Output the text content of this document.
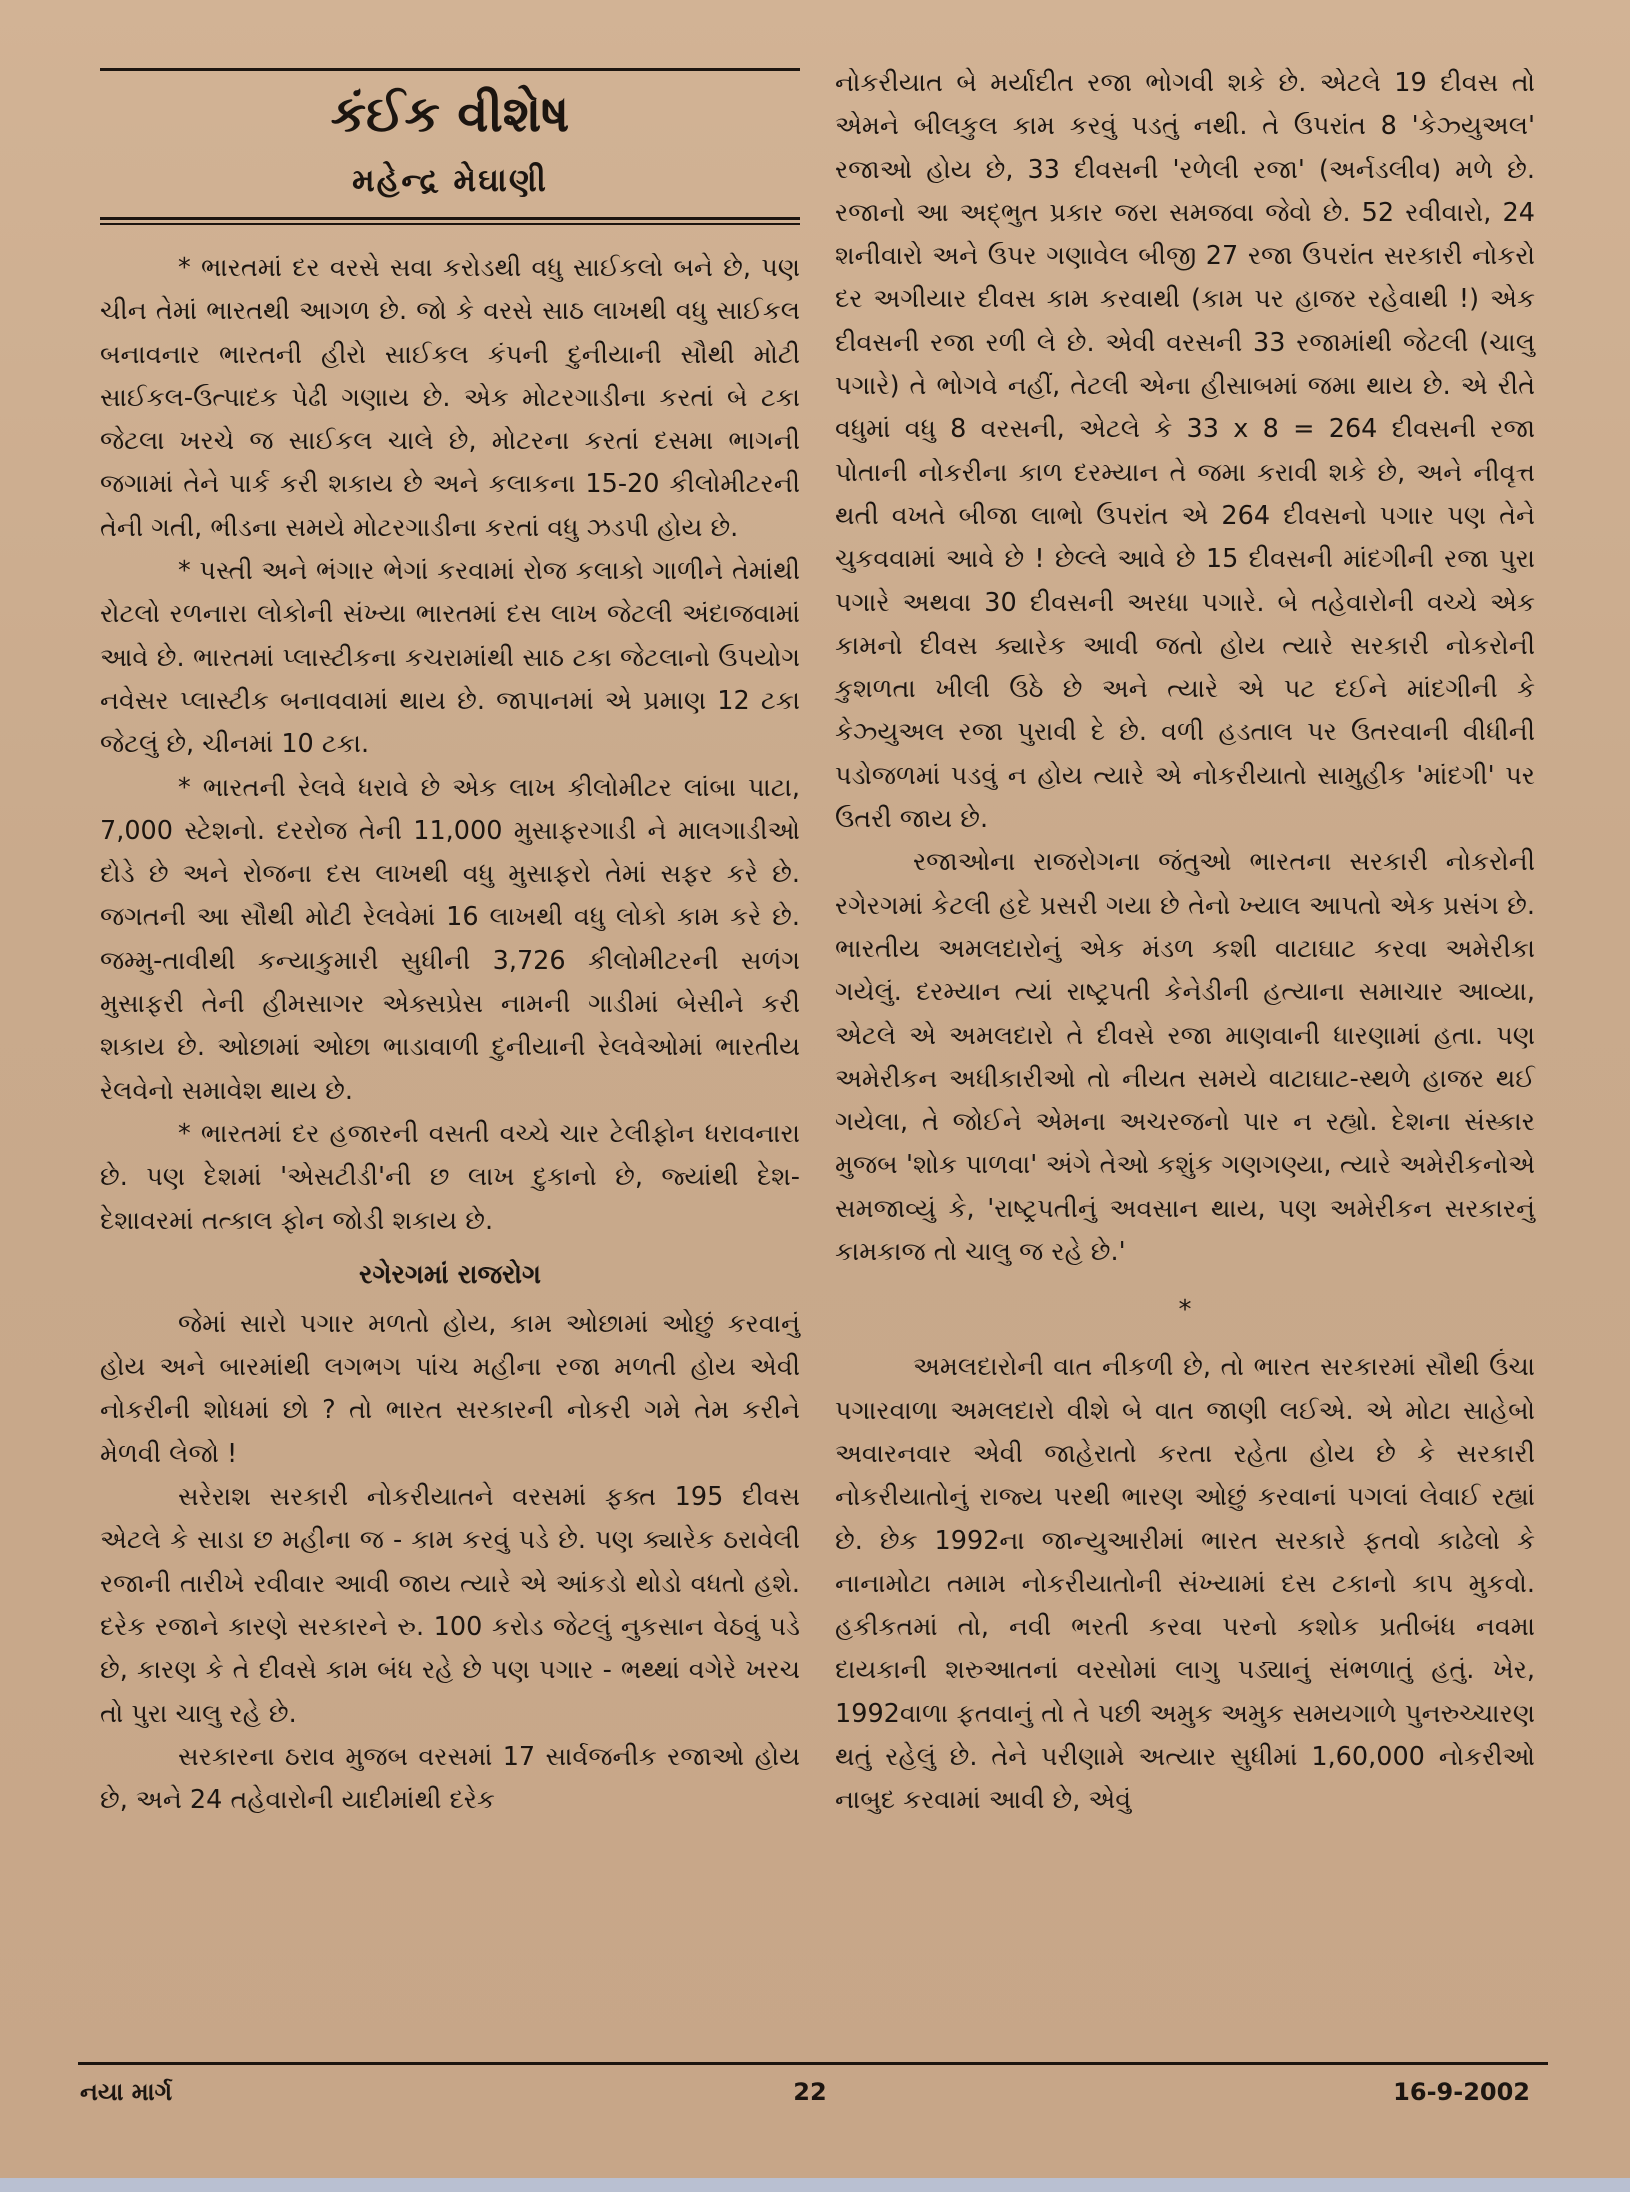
કંઈક વીશેષ
મહેન્દ્ર મેઘાણી

* ભારતમાં દર વરસે સવા કરોડથી વધુ સાઈકલો બને છે, પણ ચીન તેમાં ભારતથી આગળ છે. જો કે વરસે સાઠ લાખથી વધુ સાઈકલ બનાવનાર ભારતની હીરો સાઈકલ કંપની દુનીયાની સૌથી મોટી સાઈકલ-ઉત્પાદક પેઢી ગણાય છે. એક મોટરગાડીના કરતાં બે ટકા જેટલા ખરચે જ સાઈકલ ચાલે છે, મોટરના કરતાં દસમા ભાગની જગામાં તેને પાર્ક કરી શકાય છે અને કલાકના 15-20 કીલોમીટરની તેની ગતી, ભીડના સમયે મોટરગાડીના કરતાં વધુ ઝડપી હોય છે.

* પસ્તી અને ભંગાર ભેગાં કરવામાં રોજ કલાકો ગાળીને તેમાંથી રોટલો રળનારા લોકોની સંખ્યા ભારતમાં દસ લાખ જેટલી અંદાજવામાં આવે છે. ભારતમાં પ્લાસ્ટીકના કચરામાંથી સાઠ ટકા જેટલાનો ઉપયોગ નવેસર પ્લાસ્ટીક બનાવવામાં થાય છે. જાપાનમાં એ પ્રમાણ 12 ટકા જેટલું છે, ચીનમાં 10 ટકા.

* ભારતની રેલવે ધરાવે છે એક લાખ કીલોમીટર લાંબા પાટા, 7,000 સ્ટેશનો. દરરોજ તેની 11,000 મુસાફરગાડી ને માલગાડીઓ દોડે છે અને રોજના દસ લાખથી વધુ મુસાફરો તેમાં સફર કરે છે. જગતની આ સૌથી મોટી રેલવેમાં 16 લાખથી વધુ લોકો કામ કરે છે. જમ્મુ-તાવીથી કન્યાકુમારી સુધીની 3,726 કીલોમીટરની સળંગ મુસાફરી તેની હીમસાગર એક્સપ્રેસ નામની ગાડીમાં બેસીને કરી શકાય છે. ઓછામાં ઓછા ભાડાવાળી દુનીયાની રેલવેઓમાં ભારતીય રેલવેનો સમાવેશ થાય છે.

* ભારતમાં દર હજારની વસતી વચ્ચે ચાર ટેલીફોન ધરાવનારા છે. પણ દેશમાં 'એસટીડી'ની છ લાખ દુકાનો છે, જ્યાંથી દેશ-દેશાવરમાં તત્કાલ ફોન જોડી શકાય છે.

રગેરગમાં રાજરોગ

જેમાં સારો પગાર મળતો હોય, કામ ઓછામાં ઓછું કરવાનું હોય અને બારમાંથી લગભગ પાંચ મહીના રજા મળતી હોય એવી નોકરીની શોધમાં છો ? તો ભારત સરકારની નોકરી ગમે તેમ કરીને મેળવી લેજો !

સરેરાશ સરકારી નોકરીયાતને વરસમાં ફક્ત 195 દીવસ એટલે કે સાડા છ મહીના જ - કામ કરવું પડે છે. પણ ક્યારેક ઠરાવેલી રજાની તારીખે રવીવાર આવી જાય ત્યારે એ આંકડો થોડો વધતો હશે. દરેક રજાને કારણે સરકારને રુ. 100 કરોડ જેટલું નુકસાન વેઠવું પડે છે, કારણ કે તે દીવસે કામ બંધ રહે છે પણ પગાર - ભથ્થાં વગેરે ખરચ તો પુરા ચાલુ રહે છે.

સરકારના ઠરાવ મુજબ વરસમાં 17 સાર્વજનીક રજાઓ હોય છે, અને 24 તહેવારોની યાદીમાંથી દરેક

નોકરીયાત બે મર્યાદીત રજા ભોગવી શકે છે. એટલે 19 દીવસ તો એમને બીલકુલ કામ કરવું પડતું નથી. તે ઉપરાંત 8 'કેઝ્યુઅલ' રજાઓ હોય છે, 33 દીવસની 'રળેલી રજા' (અર્નડલીવ) મળે છે. રજાનો આ અદ્ભુત પ્રકાર જરા સમજવા જેવો છે. 52 રવીવારો, 24 શનીવારો અને ઉપર ગણાવેલ બીજી 27 રજા ઉપરાંત સરકારી નોકરો દર અગીયાર દીવસ કામ કરવાથી (કામ પર હાજર રહેવાથી !) એક દીવસની રજા રળી લે છે. એવી વરસની 33 રજામાંથી જેટલી (ચાલુ પગારે) તે ભોગવે નહીં, તેટલી એના હીસાબમાં જમા થાય છે. એ રીતે વધુમાં વધુ 8 વરસની, એટલે કે 33 x 8 = 264 દીવસની રજા પોતાની નોકરીના કાળ દરમ્યાન તે જમા કરાવી શકે છે, અને નીવૃત્ત થતી વખતે બીજા લાભો ઉપરાંત એ 264 દીવસનો પગાર પણ તેને ચુકવવામાં આવે છે ! છેલ્લે આવે છે 15 દીવસની માંદગીની રજા પુરા પગારે અથવા 30 દીવસની અરધા પગારે. બે તહેવારોની વચ્ચે એક કામનો દીવસ ક્યારેક આવી જતો હોય ત્યારે સરકારી નોકરોની કુશળતા ખીલી ઉઠે છે અને ત્યારે એ પટ દઈને માંદગીની કે કેઝ્યુઅલ રજા પુરાવી દે છે. વળી હડતાલ પર ઉતરવાની વીધીની પડોજળમાં પડવું ન હોય ત્યારે એ નોકરીયાતો સામુહીક 'માંદગી' પર ઉતરી જાય છે.

રજાઓના રાજરોગના જંતુઓ ભારતના સરકારી નોકરોની રગેરગમાં કેટલી હદે પ્રસરી ગયા છે તેનો ખ્યાલ આપતો એક પ્રસંગ છે. ભારતીય અમલદારોનું એક મંડળ કશી વાટાઘાટ કરવા અમેરીકા ગયેલું. દરમ્યાન ત્યાં રાષ્ટ્રપતી કેનેડીની હત્યાના સમાચાર આવ્યા, એટલે એ અમલદારો તે દીવસે રજા માણવાની ધારણામાં હતા. પણ અમેરીકન અધીકારીઓ તો નીયત સમયે વાટાઘાટ-સ્થળે હાજર થઈ ગયેલા, તે જોઈને એમના અચરજનો પાર ન રહ્યો. દેશના સંસ્કાર મુજબ 'શોક પાળવા' અંગે તેઓ કશુંક ગણગણ્યા, ત્યારે અમેરીકનોએ સમજાવ્યું કે, 'રાષ્ટ્રપતીનું અવસાન થાય, પણ અમેરીકન સરકારનું કામકાજ તો ચાલુ જ રહે છે.'

*

અમલદારોની વાત નીકળી છે, તો ભારત સરકારમાં સૌથી ઉંચા પગારવાળા અમલદારો વીશે બે વાત જાણી લઈએ. એ મોટા સાહેબો અવારનવાર એવી જાહેરાતો કરતા રહેતા હોય છે કે સરકારી નોકરીયાતોનું રાજ્ય પરથી ભારણ ઓછું કરવાનાં પગલાં લેવાઈ રહ્યાં છે. છેક 1992ના જાન્યુઆરીમાં ભારત સરકારે ફતવો કાઢેલો કે નાનામોટા તમામ નોકરીયાતોની સંખ્યામાં દસ ટકાનો કાપ મુકવો. હકીકતમાં તો, નવી ભરતી કરવા પરનો કશોક પ્રતીબંધ નવમા દાયકાની શરુઆતનાં વરસોમાં લાગુ પડ્યાનું સંભળાતું હતું. ખેર, 1992વાળા ફતવાનું તો તે પછી અમુક અમુક સમયગાળે પુનરુચ્ચારણ થતું રહેલું છે. તેને પરીણામે અત્યાર સુધીમાં 1,60,000 નોકરીઓ નાબુદ કરવામાં આવી છે, એવું

નયા માર્ગ	22	16-9-2002
